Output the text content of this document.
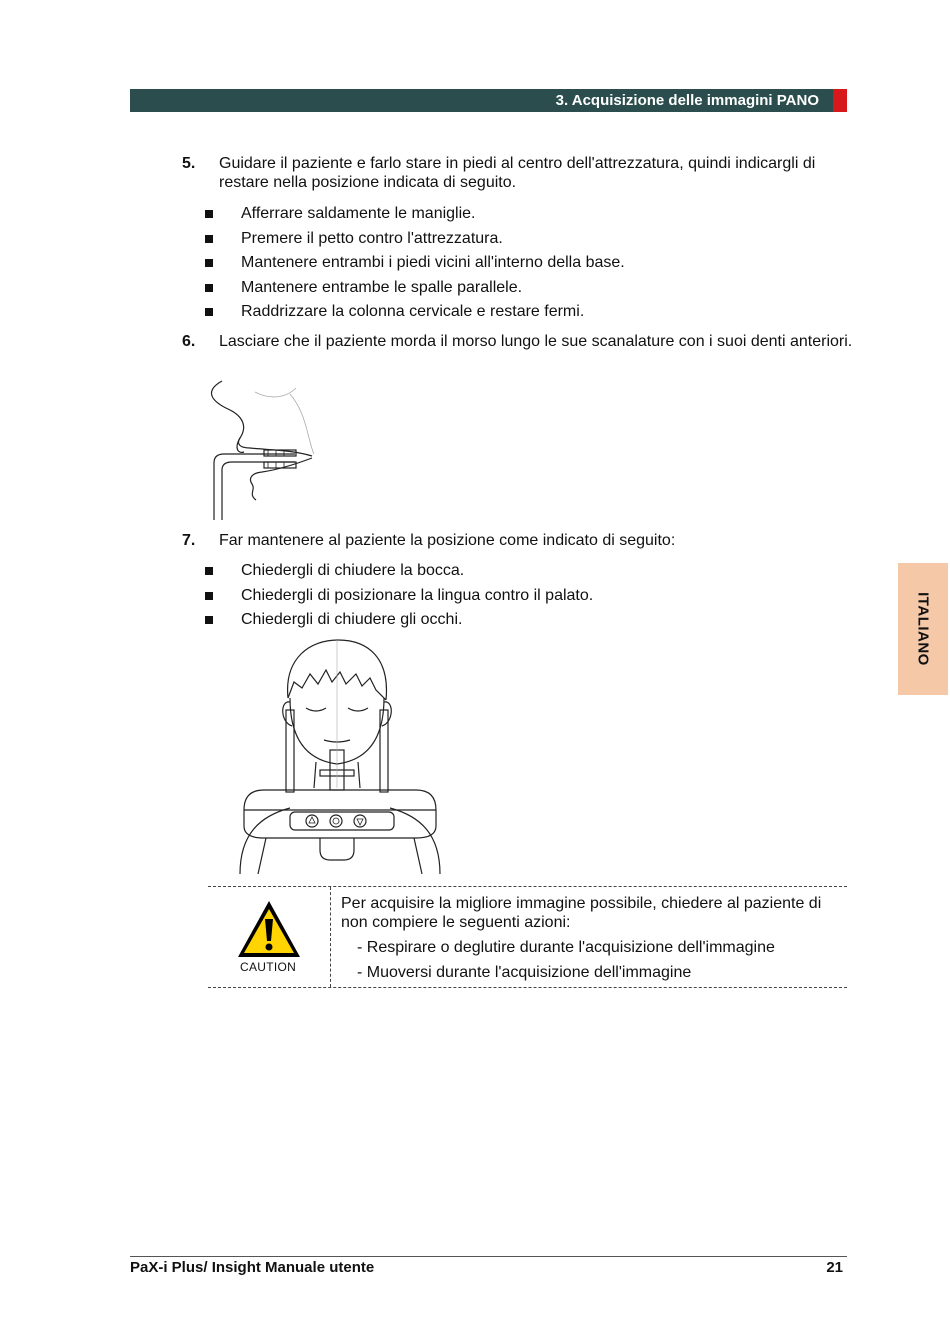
3. Acquisizione delle immagini PANO
5. Guidare il paziente e farlo stare in piedi al centro dell'attrezzatura, quindi indicargli di restare nella posizione indicata di seguito.
Afferrare saldamente le maniglie.
Premere il petto contro l'attrezzatura.
Mantenere entrambi i piedi vicini all'interno della base.
Mantenere entrambe le spalle parallele.
Raddrizzare la colonna cervicale e restare fermi.
6. Lasciare che il paziente morda il morso lungo le sue scanalature con i suoi denti anteriori.
7. Far mantenere al paziente la posizione come indicato di seguito:
Chiedergli di chiudere la bocca.
Chiedergli di posizionare la lingua contro il palato.
Chiedergli di chiudere gli occhi.	ITALIANO
CAUTION
Per acquisire la migliore immagine possibile, chiedere al paziente di non compiere le seguenti azioni:
- Respirare o deglutire durante l'acquisizione dell'immagine
- Muoversi durante l'acquisizione dell'immagine
PaX-i Plus/ Insight Manuale utente	21
